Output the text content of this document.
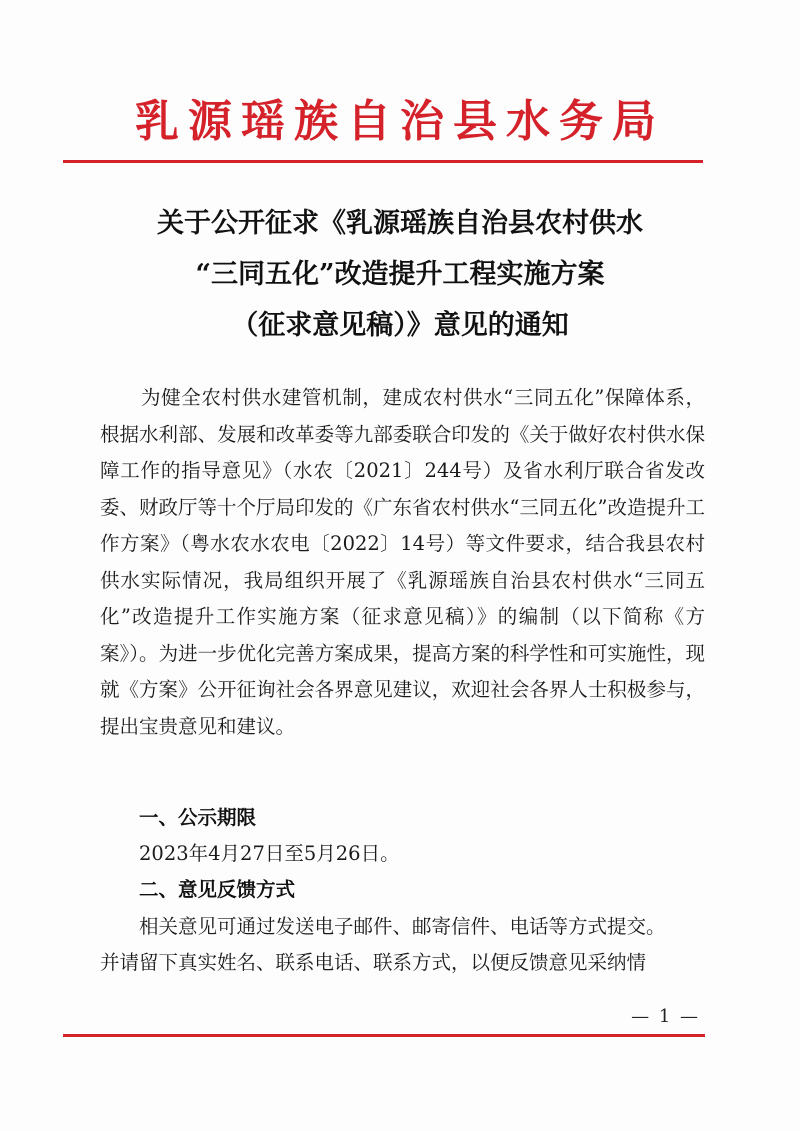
乳源瑶族自治县水务局
关于公开征求《乳源瑶族自治县农村供水
“三同五化”改造提升工程实施方案
（征求意见稿）》意见的通知

为健全农村供水建管机制，建成农村供水“三同五化”保障体系，根据水利部、发展和改革委等九部委联合印发的《关于做好农村供水保障工作的指导意见》（水农〔2021〕244号）及省水利厅联合省发改委、财政厅等十个厅局印发的《广东省农村供水“三同五化”改造提升工作方案》（粤水农水农电〔2022〕14号）等文件要求，结合我县农村供水实际情况，我局组织开展了《乳源瑶族自治县农村供水“三同五化”改造提升工作实施方案（征求意见稿）》的编制（以下简称《方案》）。为进一步优化完善方案成果，提高方案的科学性和可实施性，现就《方案》公开征询社会各界意见建议，欢迎社会各界人士积极参与，提出宝贵意见和建议。

一、公示期限
2023年4月27日至5月26日。
二、意见反馈方式
相关意见可通过发送电子邮件、邮寄信件、电话等方式提交。
并请留下真实姓名、联系电话、联系方式，以便反馈意见采纳情
— 1 —
